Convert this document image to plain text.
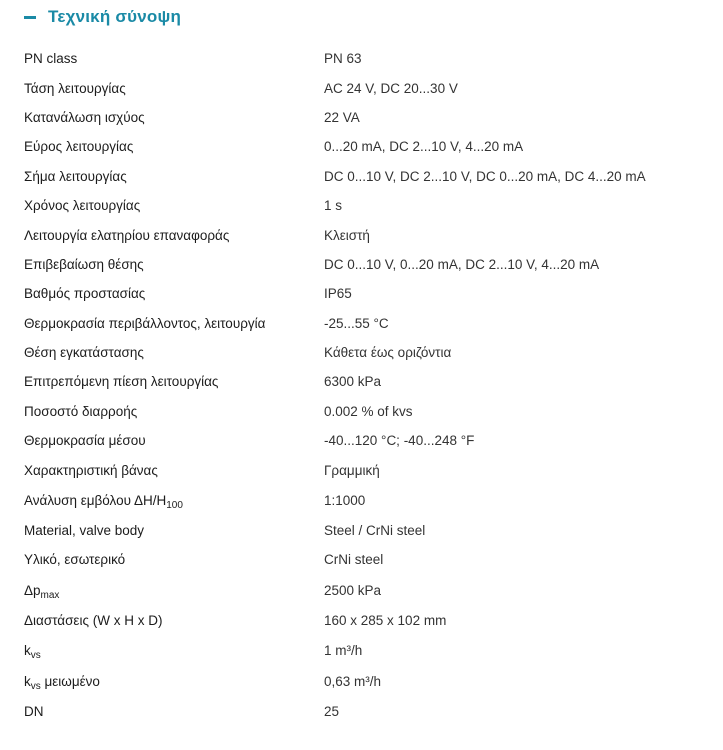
Τεχνική σύνοψη
PN class	PN 63
Τάση λειτουργίας	AC 24 V, DC 20...30 V
Κατανάλωση ισχύος	22 VA
Εύρος λειτουργίας	0...20 mA, DC 2...10 V, 4...20 mA
Σήμα λειτουργίας	DC 0...10 V, DC 2...10 V, DC 0...20 mA, DC 4...20 mA
Χρόνος λειτουργίας	1 s
Λειτουργία ελατηρίου επαναφοράς	Κλειστή
Επιβεβαίωση θέσης	DC 0...10 V, 0...20 mA, DC 2...10 V, 4...20 mA
Βαθμός προστασίας	IP65
Θερμοκρασία περιβάλλοντος, λειτουργία	-25...55 °C
Θέση εγκατάστασης	Κάθετα έως οριζόντια
Επιτρεπόμενη πίεση λειτουργίας	6300 kPa
Ποσοστό διαρροής	0.002 % of kvs
Θερμοκρασία μέσου	-40...120 °C; -40...248 °F
Χαρακτηριστική βάνας	Γραμμική
Ανάλυση εμβόλου $\Delta H/H_{100}$	1:1000
Material, valve body	Steel / CrNi steel
Υλικό, εσωτερικό	CrNi steel
$\Delta p_{max}$	2500 kPa
Διαστάσεις (W x H x D)	160 x 285 x 102 mm
$k_{vs}$	1 m³/h
$k_{vs}$ μειωμένο	0,63 m³/h
DN	25
